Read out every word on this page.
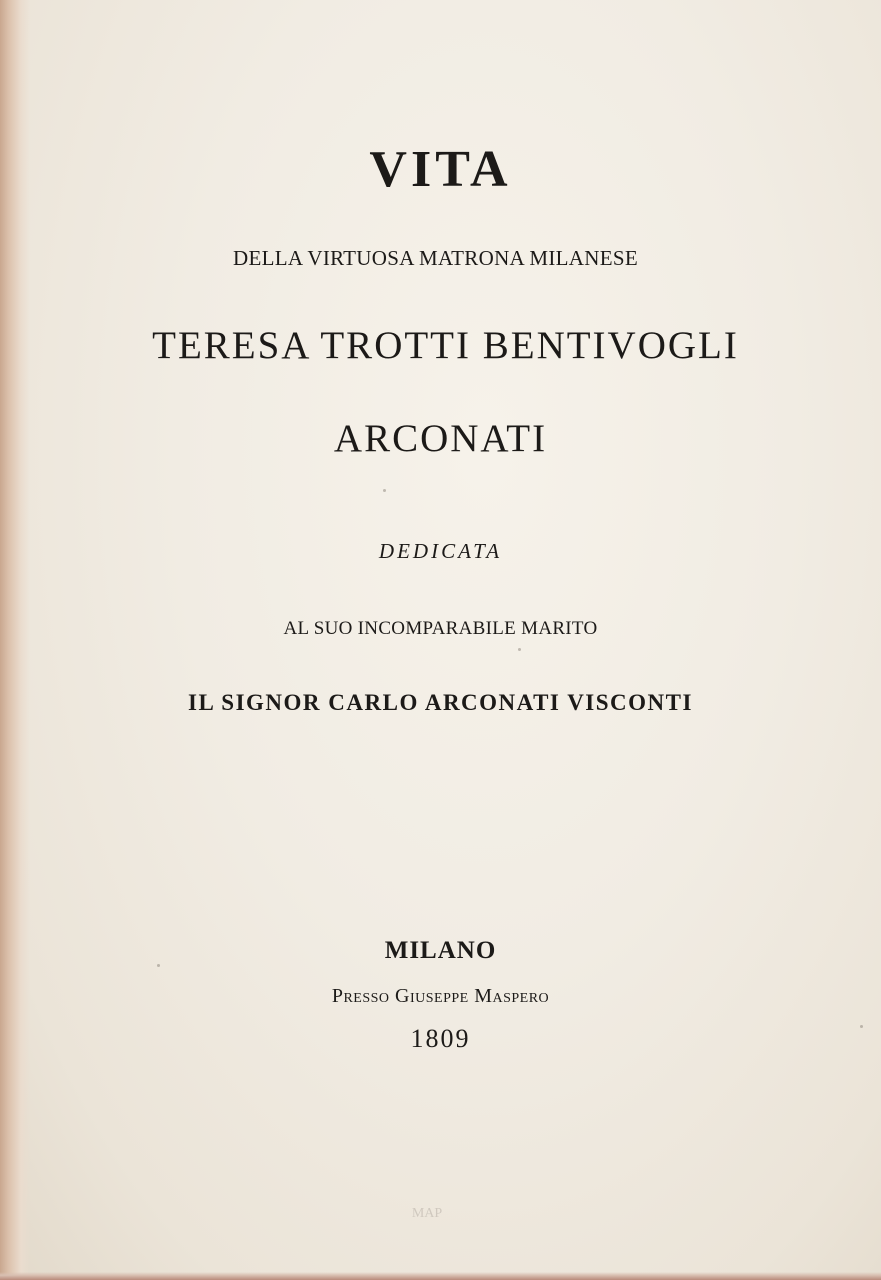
VITA
DELLA VIRTUOSA MATRONA MILANESE
TERESA TROTTI BENTIVOGLI
ARCONATI
DEDICATA
AL SUO INCOMPARABILE MARITO
IL SIGNOR CARLO ARCONATI VISCONTI
MILANO
Presso Giuseppe Maspero
1809
MAP
